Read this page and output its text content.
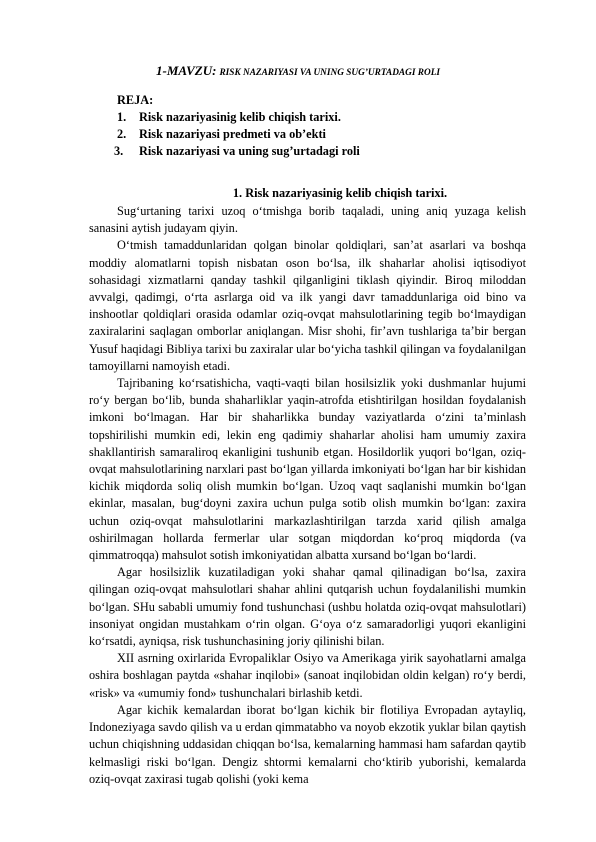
1-MAVZU: RISK NAZARIYASI VA UNING SUG’URTADAGI ROLI
REJA:
1. Risk nazariyasinig kelib chiqish tarixi.
2. Risk nazariyasi predmeti va ob’ekti
3. Risk nazariyasi va uning sug’urtadagi roli
1. Risk nazariyasinig kelib chiqish tarixi.

Sug‘urtaning tarixi uzoq o‘tmishga borib taqaladi, uning aniq yuzaga kelish sanasini aytish judayam qiyin.

O‘tmish tamaddunlaridan qolgan binolar qoldiqlari, san’at asarlari va boshqa moddiy alomatlarni topish nisbatan oson bo‘lsa, ilk shaharlar aholisi iqtisodiyot sohasidagi xizmatlarni qanday tashkil qilganligini tiklash qiyindir. Biroq miloddan avvalgi, qadimgi, o‘rta asrlarga oid va ilk yangi davr tamaddunlariga oid bino va inshootlar qoldiqlari orasida odamlar oziq-ovqat mahsulotlarining tegib bo‘lmaydigan zaxiralarini saqlagan omborlar aniqlangan. Misr shohi, fir’avn tushlariga ta’bir bergan Yusuf haqidagi Bibliya tarixi bu zaxiralar ular bo‘yicha tashkil qilingan va foydalanilgan tamoyillarni namoyish etadi.

Tajribaning ko‘rsatishicha, vaqti-vaqti bilan hosilsizlik yoki dushmanlar hujumi ro‘y bergan bo‘lib, bunda shaharliklar yaqin-atrofda etishtirilgan hosildan foydalanish imkoni bo‘lmagan. Har bir shaharlikka bunday vaziyatlarda o‘zini ta’minlash topshirilishi mumkin edi, lekin eng qadimiy shaharlar aholisi ham umumiy zaxira shakllantirish samaraliroq ekanligini tushunib etgan. Hosildorlik yuqori bo‘lgan, oziq-ovqat mahsulotlarining narxlari past bo‘lgan yillarda imkoniyati bo‘lgan har bir kishidan kichik miqdorda soliq olish mumkin bo‘lgan. Uzoq vaqt saqlanishi mumkin bo‘lgan ekinlar, masalan, bug‘doyni zaxira uchun pulga sotib olish mumkin bo‘lgan: zaxira uchun oziq-ovqat mahsulotlarini markazlashtirilgan tarzda xarid qilish amalga oshirilmagan hollarda fermerlar ular sotgan miqdordan ko‘proq miqdorda (va qimmatroqqa) mahsulot sotish imkoniyatidan albatta xursand bo‘lgan bo‘lardi.

Agar hosilsizlik kuzatiladigan yoki shahar qamal qilinadigan bo‘lsa, zaxira qilingan oziq-ovqat mahsulotlari shahar ahlini qutqarish uchun foydalanilishi mumkin bo‘lgan. SHu sababli umumiy fond tushunchasi (ushbu holatda oziq-ovqat mahsulotlari) insoniyat ongidan mustahkam o‘rin olgan. G‘oya o‘z samaradorligi yuqori ekanligini ko‘rsatdi, ayniqsa, risk tushunchasining joriy qilinishi bilan.

XII asrning oxirlarida Evropaliklar Osiyo va Amerikaga yirik sayohatlarni amalga oshira boshlagan paytda «shahar inqilobi» (sanoat inqilobidan oldin kelgan) ro‘y berdi, «risk» va «umumiy fond» tushunchalari birlashib ketdi.

Agar kichik kemalardan iborat bo‘lgan kichik bir flotiliya Evropadan aytayliq, Indoneziyaga savdo qilish va u erdan qimmatabho va noyob ekzotik yuklar bilan qaytish uchun chiqishning uddasidan chiqqan bo‘lsa, kemalarning hammasi ham safardan qaytib kelmasligi riski bo‘lgan. Dengiz shtormi kemalarni cho‘ktirib yuborishi, kemalarda oziq-ovqat zaxirasi tugab qolishi (yoki kema
